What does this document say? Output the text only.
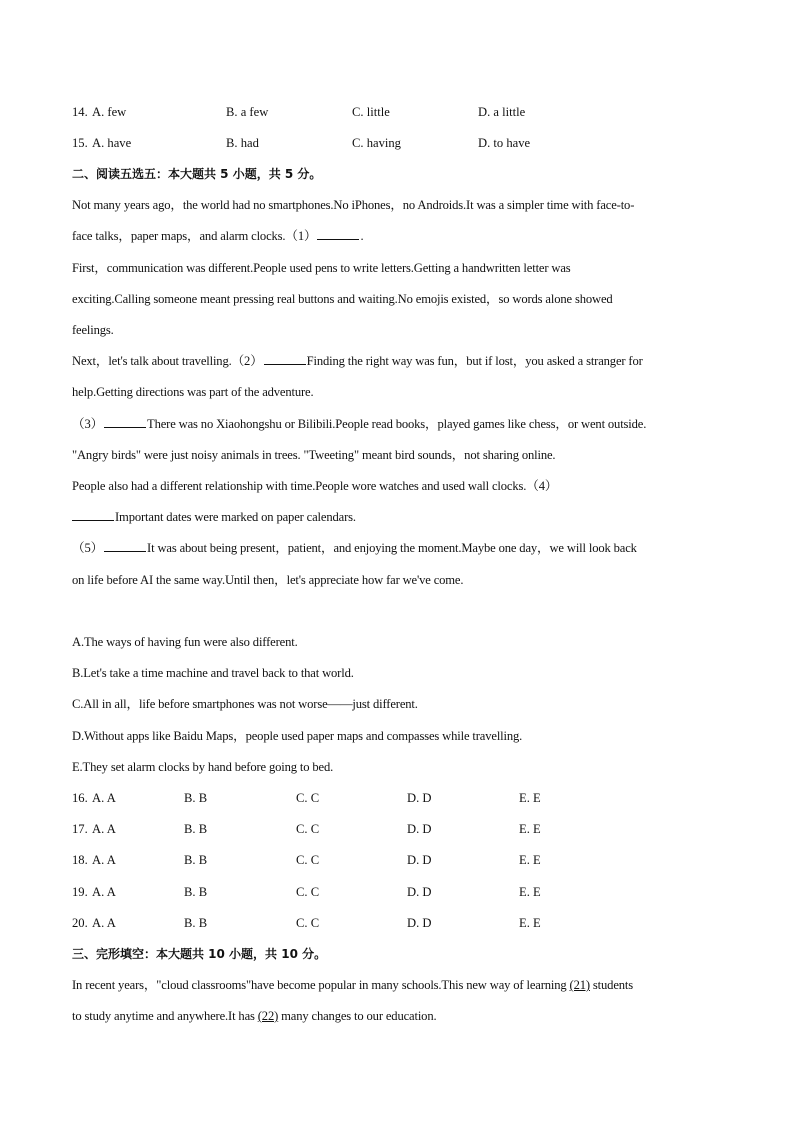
14. A. few	B. a few	C. little	D. a little
15. A. have	B. had	C. having	D. to have
二、阅读五选五：本大题共 5 小题，共 5 分。
Not many years ago，the world had no smartphones.No iPhones，no Androids.It was a simpler time with face-to-
face talks，paper maps，and alarm clocks.（1）	.
First，communication was different.People used pens to write letters.Getting a handwritten letter was
exciting.Calling someone meant pressing real buttons and waiting.No emojis existed，so words alone showed
feelings.
Next，let's talk about travelling.（2）	Finding the right way was fun，but if lost，you asked a stranger for
help.Getting directions was part of the adventure.
（3）	There was no Xiaohongshu or Bilibili.People read books，played games like chess，or went outside.
"Angry birds" were just noisy animals in trees. "Tweeting" meant bird sounds，not sharing online.
People also had a different relationship with time.People wore watches and used wall clocks.（4）
Important dates were marked on paper calendars.
（5）	It was about being present，patient，and enjoying the moment.Maybe one day，we will look back
on life before AI the same way.Until then，let's appreciate how far we've come.
A.The ways of having fun were also different.
B.Let's take a time machine and travel back to that world.
C.All in all，life before smartphones was not worse——just different.
D.Without apps like Baidu Maps，people used paper maps and compasses while travelling.
E.They set alarm clocks by hand before going to bed.
16. A. A	B. B	C. C	D. D	E. E
17. A. A	B. B	C. C	D. D	E. E
18. A. A	B. B	C. C	D. D	E. E
19. A. A	B. B	C. C	D. D	E. E
20. A. A	B. B	C. C	D. D	E. E
三、完形填空：本大题共 10 小题，共 10 分。
In recent years，"cloud classrooms"have become popular in many schools.This new way of learning (21) students
to study anytime and anywhere.It has (22) many changes to our education.
